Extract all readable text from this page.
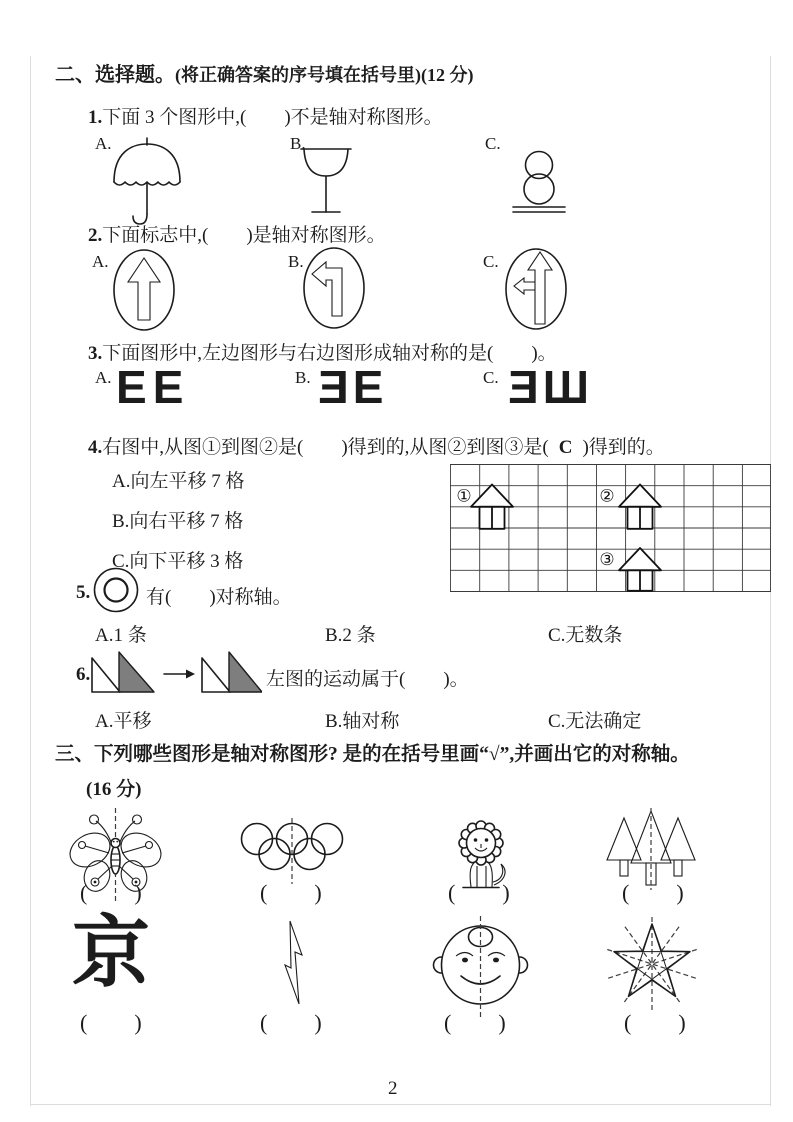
二、选择题。(将正确答案的序号填在括号里)(12 分)
1.下面 3 个图形中,(　　)不是轴对称图形。
A.	B.	C.
2.下面标志中,(　　)是轴对称图形。
A.	B.	C.
3.下面图形中,左边图形与右边图形成轴对称的是(　　)。
A. EE	B. EE	C. EШ
4.右图中,从图①到图②是(　　)得到的,从图②到图③是( C )得到的。
A.向左平移 7 格
B.向右平移 7 格
C.向下平移 3 格
①	②
③
5.	有(　　)对称轴。
A.1 条	B.2 条	C.无数条
6.	左图的运动属于(　　)。
A.平移	B.轴对称	C.无法确定
三、下列哪些图形是轴对称图形? 是的在括号里画“√”,并画出它的对称轴。
(16 分)
(　　)	(　　)	(　　)	(　　)
京
(　　)	(　　)	(　　)	(　　)
2
